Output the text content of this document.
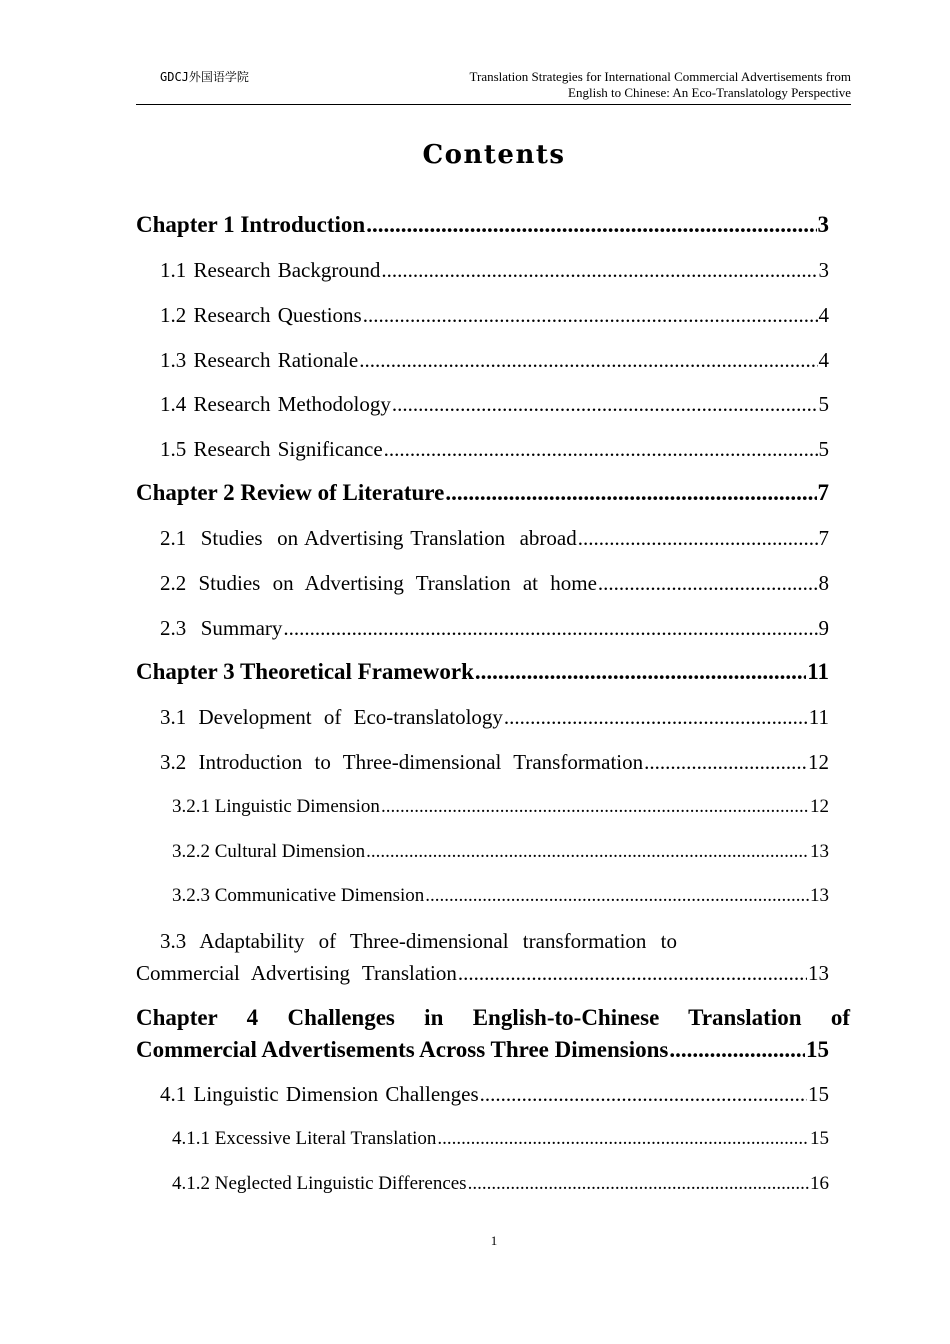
GDCJ外国语学院	Translation Strategies for International Commercial Advertisements from
English to Chinese: An Eco-Translatology Perspective
Contents
Chapter 1 Introduction .....	3
1.1 Research Background .....	3
1.2 Research Questions .....	4
1.3 Research Rationale .....	4
1.4 Research Methodology .....	5
1.5 Research Significance .....	5
Chapter 2 Review of Literature .....	7
2.1  Studies  on Advertising Translation  abroad .....	7
2.2 Studies on Advertising Translation at home .....	8
2.3  Summary .....	9
Chapter 3 Theoretical Framework .....	11
3.1 Development of Eco-translatology .....	11
3.2 Introduction to Three-dimensional Transformation .....	12
3.2.1 Linguistic Dimension .....	12
3.2.2 Cultural Dimension .....	13
3.2.3 Communicative Dimension .....	13
3.3 Adaptability of Three-dimensional transformation to
Commercial Advertising Translation .....	13
Chapter 4 Challenges in English-to-Chinese Translation of
Commercial Advertisements Across Three Dimensions .....	15
4.1 Linguistic Dimension Challenges .....	15
4.1.1 Excessive Literal Translation .....	15
4.1.2 Neglected Linguistic Differences .....	16
1
